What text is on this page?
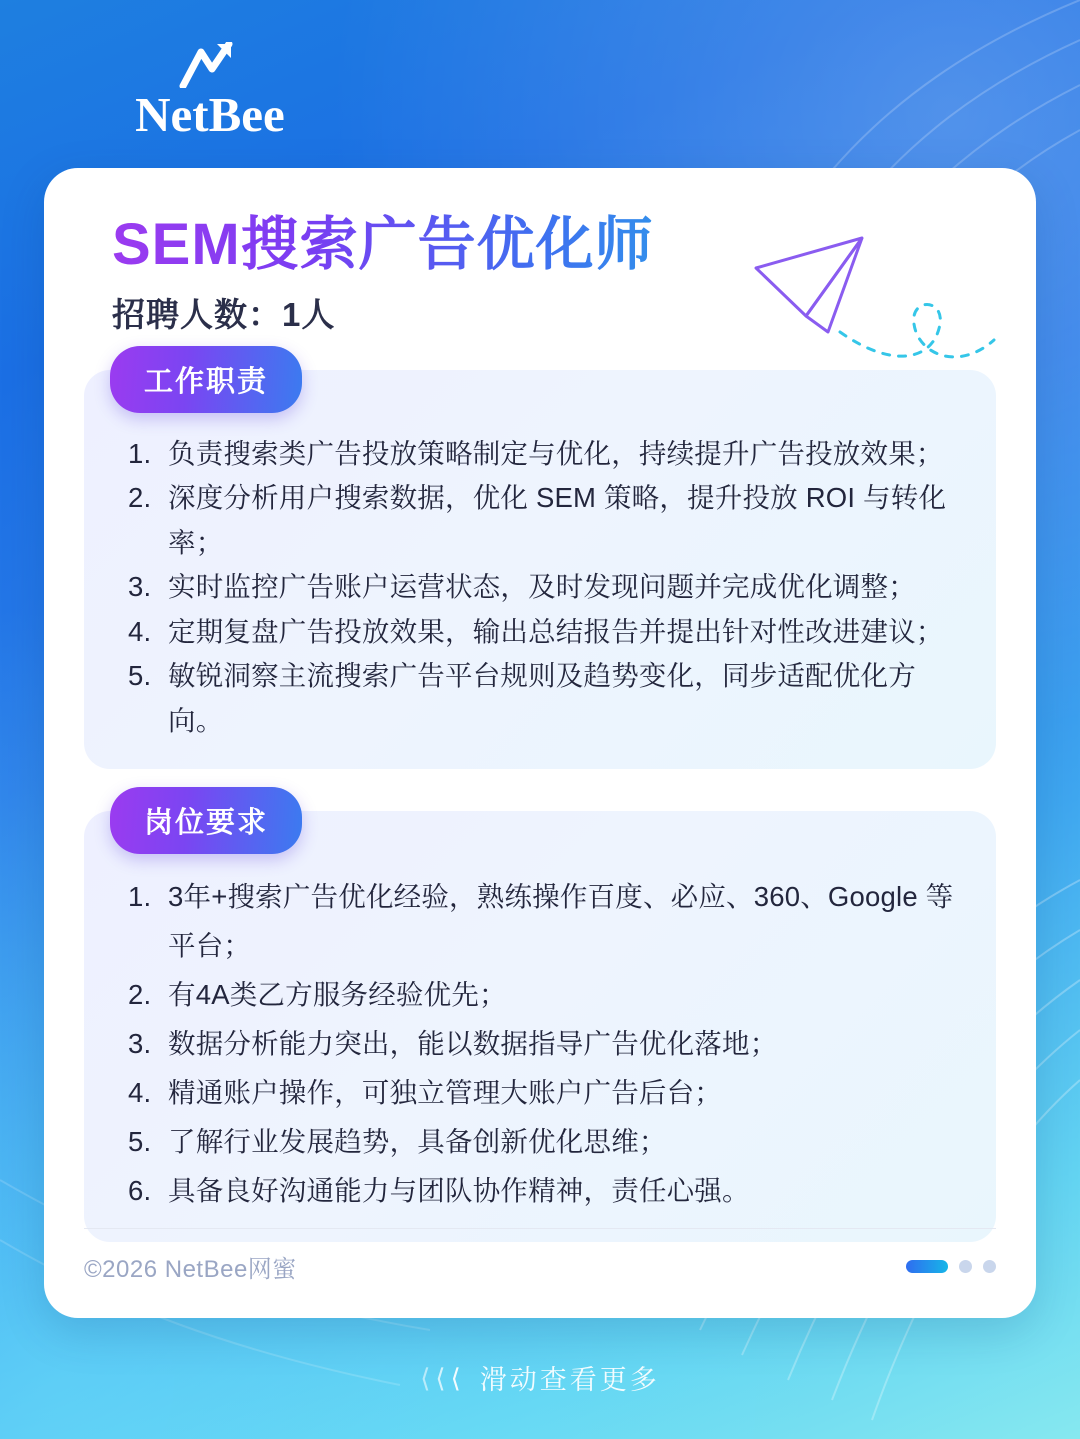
NetBee
SEM搜索广告优化师
招聘人数：1人
工作职责
负责搜索类广告投放策略制定与优化，持续提升广告投放效果；
深度分析用户搜索数据，优化 SEM 策略，提升投放 ROI 与转化率；
实时监控广告账户运营状态，及时发现问题并完成优化调整；
定期复盘广告投放效果，输出总结报告并提出针对性改进建议；
敏锐洞察主流搜索广告平台规则及趋势变化，同步适配优化方向。
岗位要求
3年+搜索广告优化经验，熟练操作百度、必应、360、Google 等平台；
有4A类乙方服务经验优先；
数据分析能力突出，能以数据指导广告优化落地；
精通账户操作，可独立管理大账户广告后台；
了解行业发展趋势，具备创新优化思维；
具备良好沟通能力与团队协作精神，责任心强。
©2026 NetBee网蜜
⟨ ⟨ ⟨ 滑动查看更多
